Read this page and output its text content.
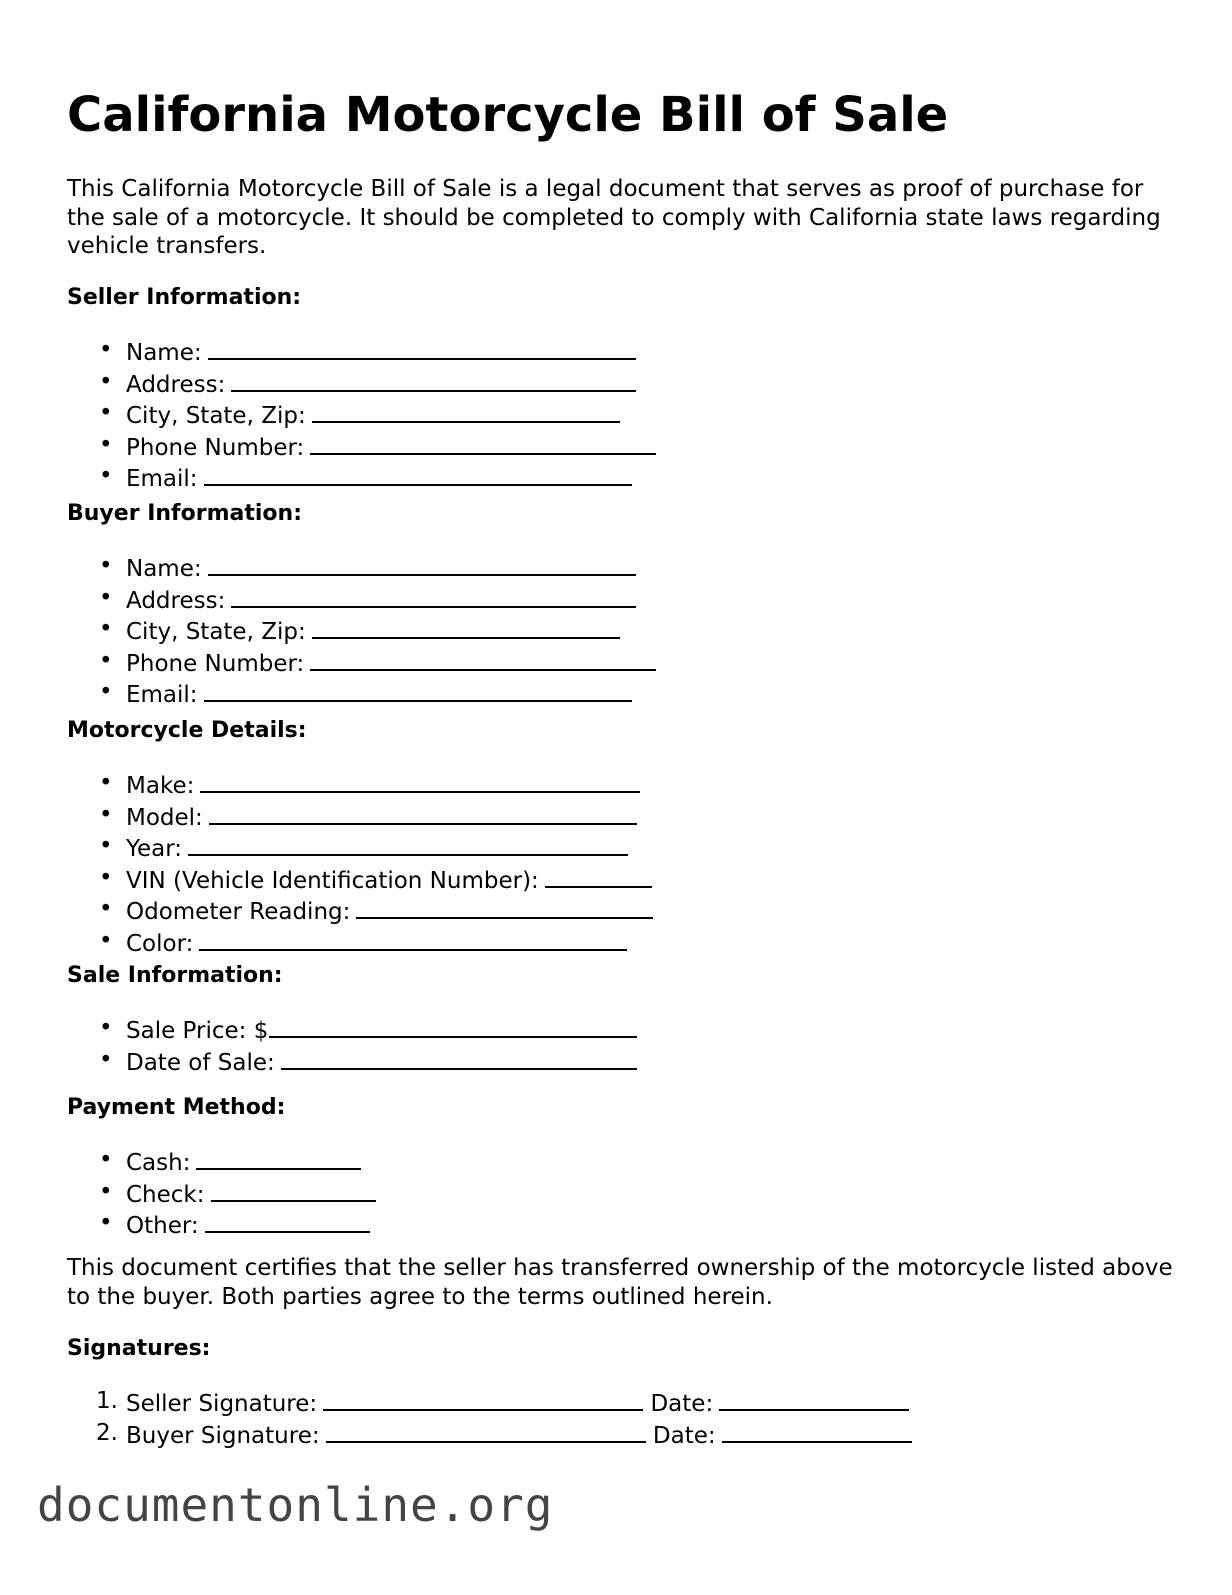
California Motorcycle Bill of Sale

This California Motorcycle Bill of Sale is a legal document that serves as proof of purchase for the sale of a motorcycle. It should be completed to comply with California state laws regarding vehicle transfers.

Seller Information:
• Name:
• Address:
• City, State, Zip:
• Phone Number:
• Email:
Buyer Information:
• Name:
• Address:
• City, State, Zip:
• Phone Number:
• Email:
Motorcycle Details:
• Make:
• Model:
• Year:
• VIN (Vehicle Identification Number):
• Odometer Reading:
• Color:
Sale Information:
• Sale Price: $
• Date of Sale:
Payment Method:
• Cash:
• Check:
• Other:

This document certifies that the seller has transferred ownership of the motorcycle listed above to the buyer. Both parties agree to the terms outlined herein.

Signatures:
1. Seller Signature:	Date:
2. Buyer Signature:	Date:
documentonline.org
